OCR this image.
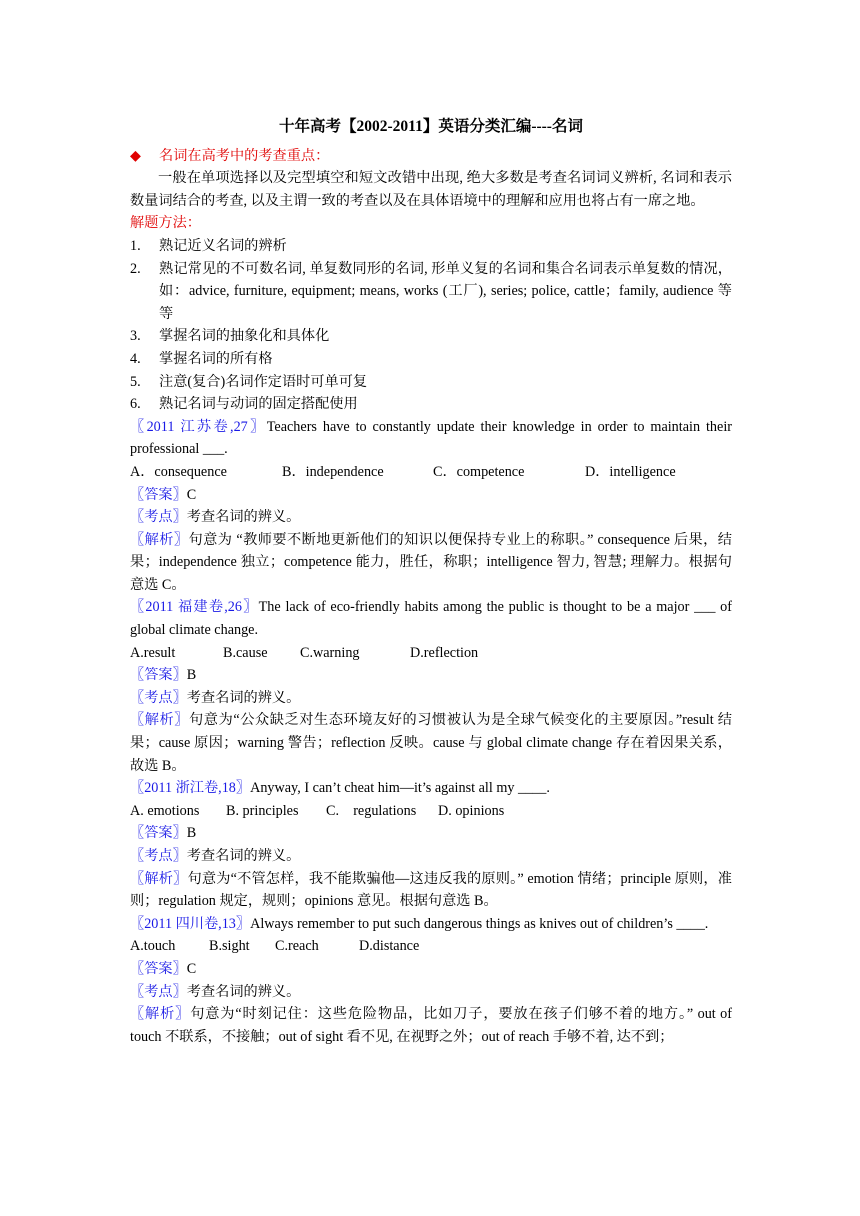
十年高考【2002-2011】英语分类汇编----名词
◆ 名词在高考中的考查重点：
一般在单项选择以及完型填空和短文改错中出现, 绝大多数是考查名词词义辨析, 名词和表示数量词结合的考查, 以及主谓一致的考查以及在具体语境中的理解和应用也将占有一席之地。
解题方法：
1.	熟记近义名词的辨析
2.	熟记常见的不可数名词, 单复数同形的名词, 形单义复的名词和集合名词表示单复数的情况，如：advice, furniture, equipment; means, works (工厂), series; police, cattle；family, audience 等等
3.	掌握名词的抽象化和具体化
4.	掌握名词的所有格
5.	注意(复合)名词作定语时可单可复
6.	熟记名词与动词的固定搭配使用
〖2011 江苏卷,27〗Teachers have to constantly update their knowledge in order to maintain their professional ___.
A．consequence	B．independence	C．competence	D．intelligence
〖答案〗C
〖考点〗考查名词的辨义。
〖解析〗句意为 “教师要不断地更新他们的知识以便保持专业上的称职。” consequence 后果，结果；independence 独立；competence 能力，胜任，称职；intelligence 智力, 智慧; 理解力。根据句意选 C。
〖2011 福建卷,26〗The lack of eco-friendly habits among the public is thought to be a major ___ of global climate change.
A.result	B.cause C.warning	D.reflection
〖答案〗B
〖考点〗考查名词的辨义。
〖解析〗句意为“公众缺乏对生态环境友好的习惯被认为是全球气候变化的主要原因。”result 结果；cause 原因；warning 警告；reflection 反映。cause 与 global climate change 存在着因果关系，故选 B。
〖2011 浙江卷,18〗Anyway, I can’t cheat him—it’s against all my ____.
A. emotions B. principles C.　regulations D. opinions
〖答案〗B
〖考点〗考查名词的辨义。
〖解析〗句意为“不管怎样，我不能欺骗他—这违反我的原则。” emotion 情绪；principle 原则，准则；regulation 规定，规则；opinions 意见。根据句意选 B。
〖2011 四川卷,13〗Always remember to put such dangerous things as knives out of children’s ____.
A.touch B.sight C.reach	D.distance
〖答案〗C
〖考点〗考查名词的辨义。
〖解析〗句意为“时刻记住：这些危险物品，比如刀子，要放在孩子们够不着的地方。” out of touch 不联系，不接触；out of sight 看不见, 在视野之外；out of reach 手够不着, 达不到；
